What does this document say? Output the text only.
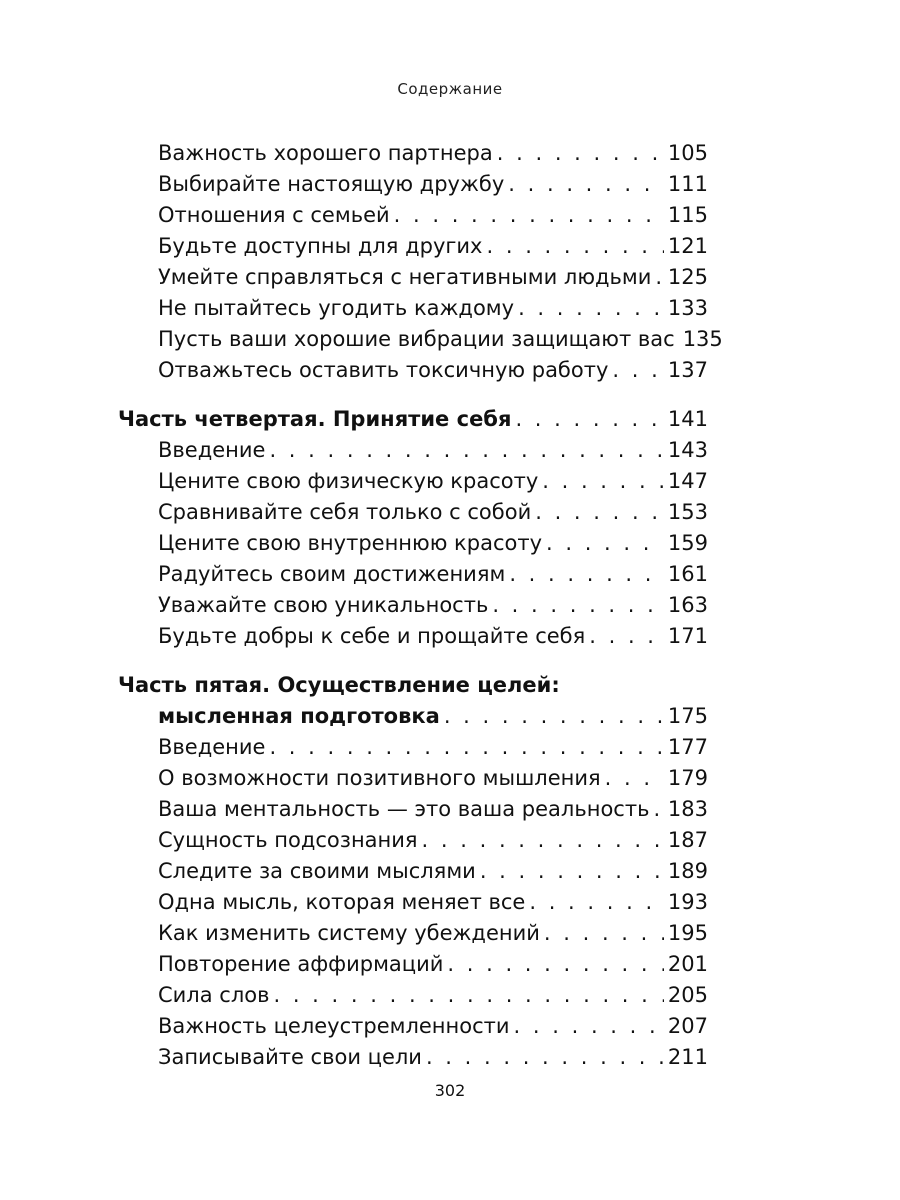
Содержание
Важность хорошего партнера . . .	105
Выбирайте настоящую дружбу . . .	111
Отношения с семьей . . .	115
Будьте доступны для других . . .	121
Умейте справляться с негативными людьми . . . 125
Не пытайтесь угодить каждому . . .	133
Пусть ваши хорошие вибрации защищают вас 135
Отважьтесь оставить токсичную работу . . .	137
Часть четвертая. Принятие себя . . .	141
Введение . . .	143
Цените свою физическую красоту . . .	147
Сравнивайте себя только с собой . . .	153
Цените свою внутреннюю красоту . . .	159
Радуйтесь своим достижениям . . .	161
Уважайте свою уникальность . . .	163
Будьте добры к себе и прощайте себя . . .	171
Часть пятая. Осуществление целей:
мысленная подготовка . . .	175
Введение . . .	177
О возможности позитивного мышления . . .	179
Ваша ментальность — это ваша реальность . . . 183
Сущность подсознания . . .	187
Следите за своими мыслями . . .	189
Одна мысль, которая меняет все . . .	193
Как изменить систему убеждений . . .	195
Повторение аффирмаций . . .	201
Сила слов . . .	205
Важность целеустремленности . . .	207
Записывайте свои цели . . .	211
302
